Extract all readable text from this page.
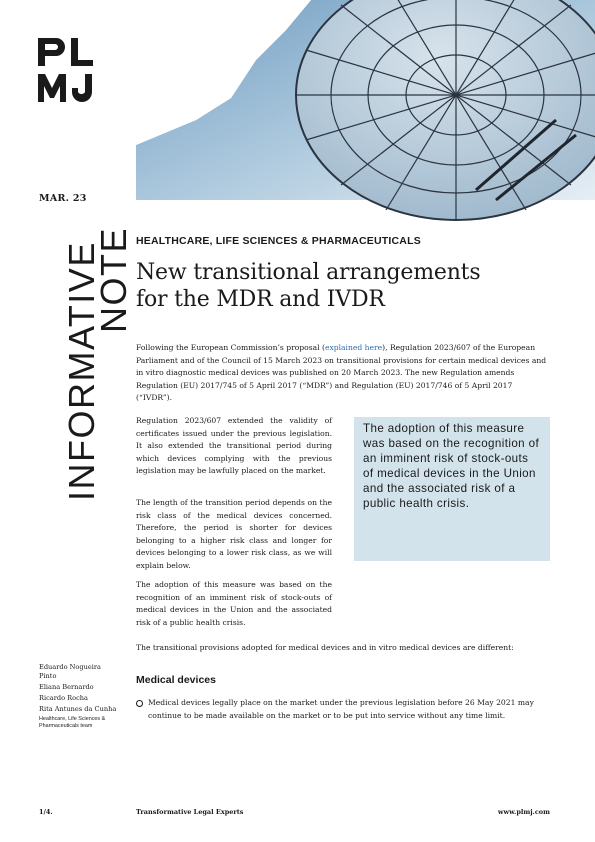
MAR. 23
INFORMATIVE
NOTE HEALTHCARE, LIFE SCIENCES & PHARMACEUTICALS
New transitional arrangements
for the MDR and IVDR
Following the European Commission’s proposal (explained here), Regulation 2023/607 of the European Parliament and of the Council of 15 March 2023 on transitional provisions for certain medical devices and in vitro diagnostic medical devices was published on 20 March 2023. The new Regulation amends Regulation (EU) 2017/745 of 5 April 2017 (“MDR”) and Regulation (EU) 2017/746 of 5 April 2017 (“IVDR”).
Regulation 2023/607 extended the validity of certificates issued under the previous legislation. It also extended the transitional period during which devices complying with the previous legislation may be lawfully placed on the market.
The length of the transition period depends on the risk class of the medical devices concerned. Therefore, the period is shorter for devices belonging to a higher risk class and longer for devices belonging to a lower risk class, as we will explain below.
The adoption of this measure was based on the recognition of an imminent risk of stock-outs of medical devices in the Union and the associated risk of a public health crisis.
The adoption of this measure was based on the recognition of an imminent risk of stock-outs of medical devices in the Union and the associated risk of a public health crisis.
The transitional provisions adopted for medical devices and in vitro medical devices are different:
Medical devices
Medical devices legally place on the market under the previous legislation before 26 May 2021 may continue to be made available on the market or to be put into service without any time limit.
Eduardo Nogueira Pinto
Eliana Bernardo
Ricardo Rocha
Rita Antunes da Cunha
Healthcare, Life Sciences & Pharmaceuticals team
1/4.	Transformative Legal Experts	www.plmj.com
